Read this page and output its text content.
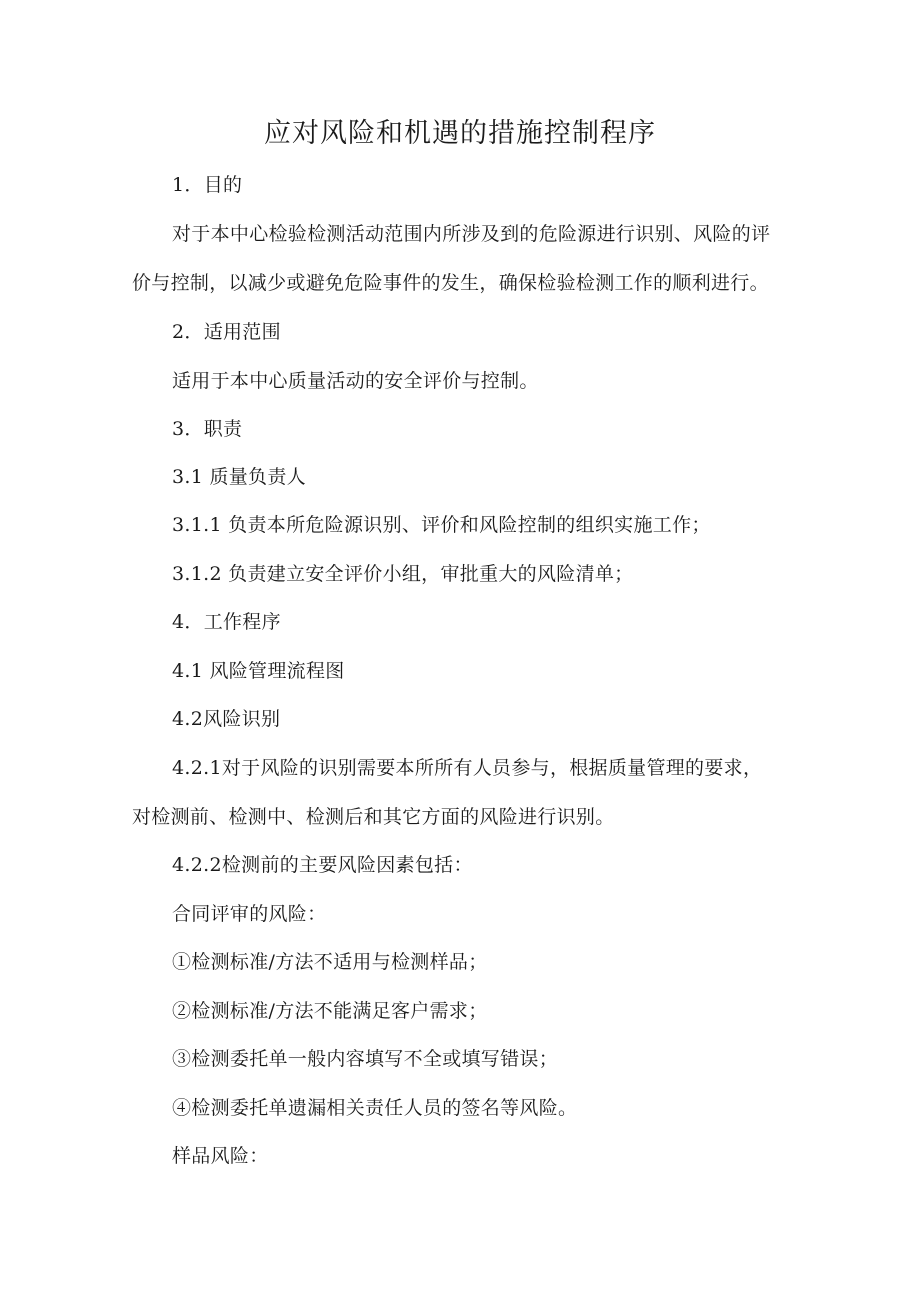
应对风险和机遇的措施控制程序
1．目的
对于本中心检验检测活动范围内所涉及到的危险源进行识别、风险的评
价与控制，以减少或避免危险事件的发生，确保检验检测工作的顺利进行。
2．适用范围
适用于本中心质量活动的安全评价与控制。
3．职责
3.1 质量负责人
3.1.1 负责本所危险源识别、评价和风险控制的组织实施工作；
3.1.2 负责建立安全评价小组，审批重大的风险清单；
4．工作程序
4.1 风险管理流程图
4.2风险识别
4.2.1对于风险的识别需要本所所有人员参与，根据质量管理的要求，
对检测前、检测中、检测后和其它方面的风险进行识别。
4.2.2检测前的主要风险因素包括：
合同评审的风险：
①检测标准/方法不适用与检测样品；
②检测标准/方法不能满足客户需求；
③检测委托单一般内容填写不全或填写错误；
④检测委托单遗漏相关责任人员的签名等风险。
样品风险：
